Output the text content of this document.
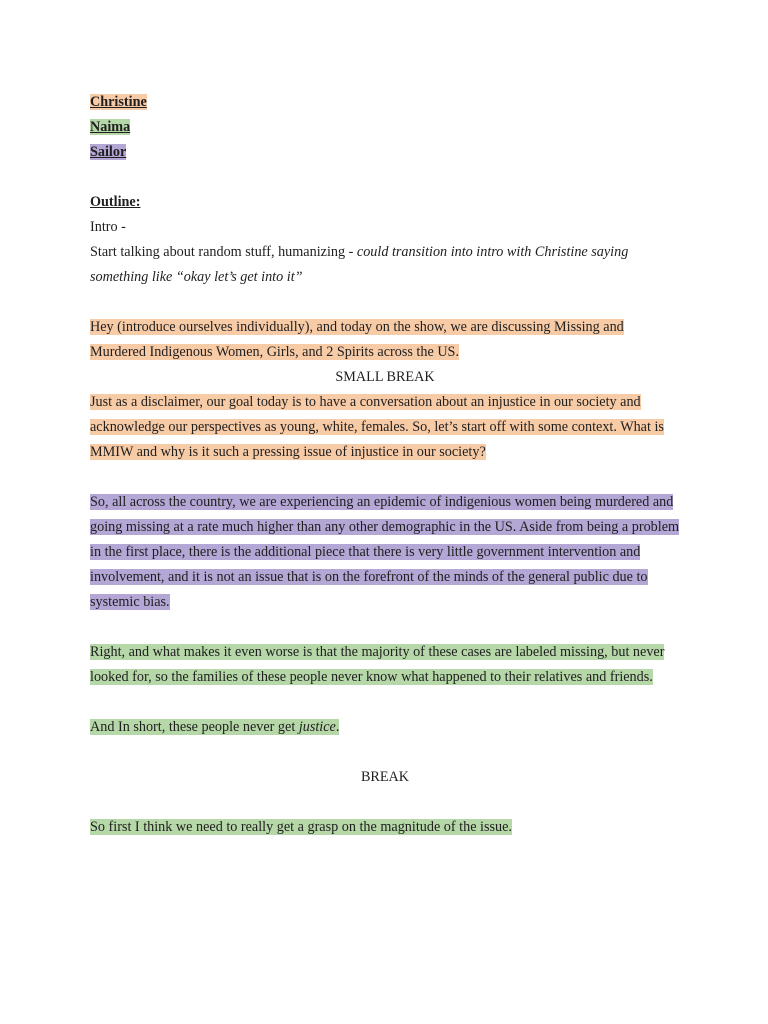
Christine
Naima
Sailor
Outline:
Intro -

Start talking about random stuff, humanizing - could transition into intro with Christine saying something like “okay let’s get into it”

Hey (introduce ourselves individually), and today on the show, we are discussing Missing and Murdered Indigenous Women, Girls, and 2 Spirits across the US.

SMALL BREAK

Just as a disclaimer, our goal today is to have a conversation about an injustice in our society and acknowledge our perspectives as young, white, females. So, let’s start off with some context. What is MMIW and why is it such a pressing issue of injustice in our society?

So, all across the country, we are experiencing an epidemic of indigenious women being murdered and going missing at a rate much higher than any other demographic in the US. Aside from being a problem in the first place, there is the additional piece that there is very little government intervention and involvement, and it is not an issue that is on the forefront of the minds of the general public due to systemic bias.

Right, and what makes it even worse is that the majority of these cases are labeled missing, but never looked for, so the families of these people never know what happened to their relatives and friends.

And In short, these people never get justice.

BREAK

So first I think we need to really get a grasp on the magnitude of the issue.
